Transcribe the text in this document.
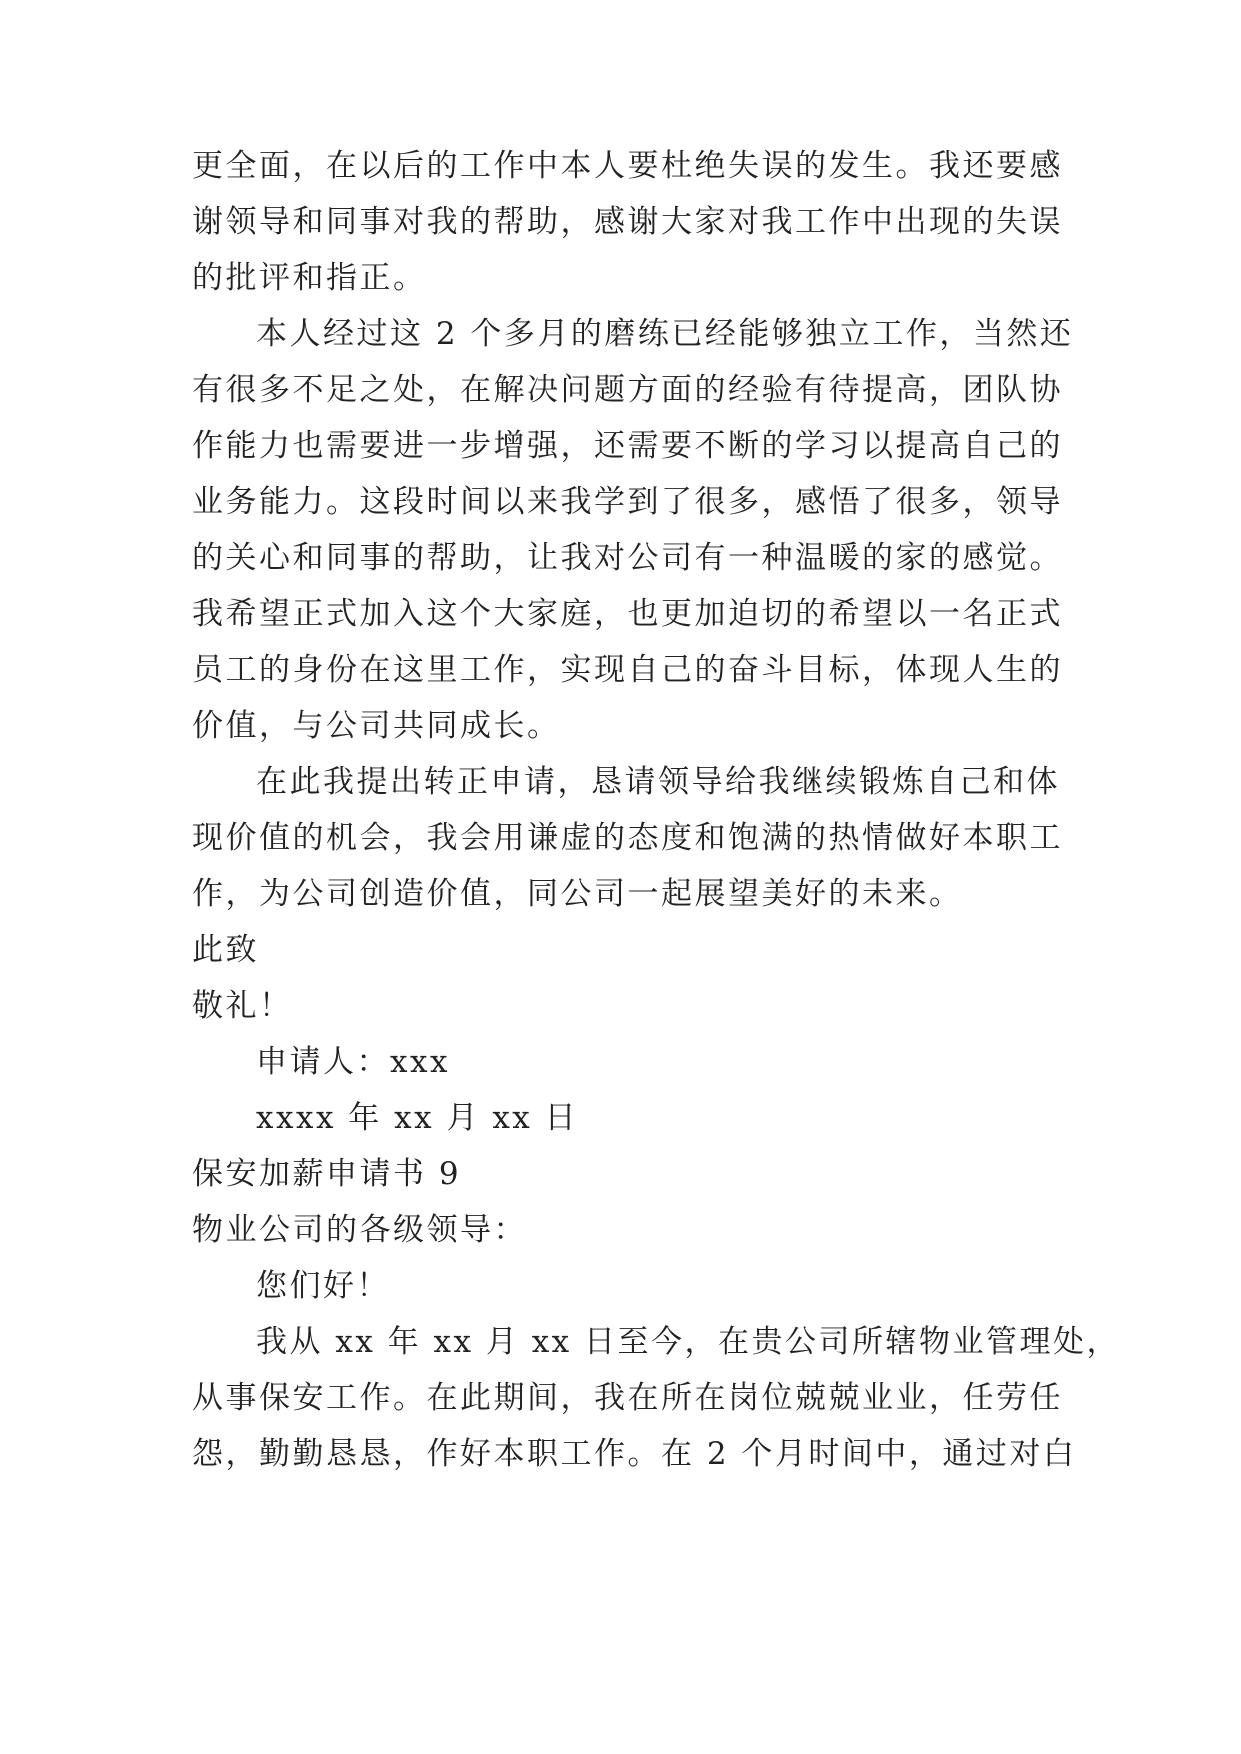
更全面，在以后的工作中本人要杜绝失误的发生。我还要感
谢领导和同事对我的帮助，感谢大家对我工作中出现的失误
的批评和指正。
本人经过这 2 个多月的磨练已经能够独立工作，当然还
有很多不足之处，在解决问题方面的经验有待提高，团队协
作能力也需要进一步增强，还需要不断的学习以提高自己的
业务能力。这段时间以来我学到了很多，感悟了很多，领导
的关心和同事的帮助，让我对公司有一种温暖的家的感觉。
我希望正式加入这个大家庭，也更加迫切的希望以一名正式
员工的身份在这里工作，实现自己的奋斗目标，体现人生的
价值，与公司共同成长。
在此我提出转正申请，恳请领导给我继续锻炼自己和体
现价值的机会，我会用谦虚的态度和饱满的热情做好本职工
作，为公司创造价值，同公司一起展望美好的未来。
此致
敬礼！
申请人：xxx
xxxx 年 xx 月 xx 日
保安加薪申请书 9
物业公司的各级领导：
您们好！
我从 xx 年 xx 月 xx 日至今，在贵公司所辖物业管理处，
从事保安工作。在此期间，我在所在岗位兢兢业业，任劳任
怨，勤勤恳恳，作好本职工作。在 2 个月时间中，通过对白
